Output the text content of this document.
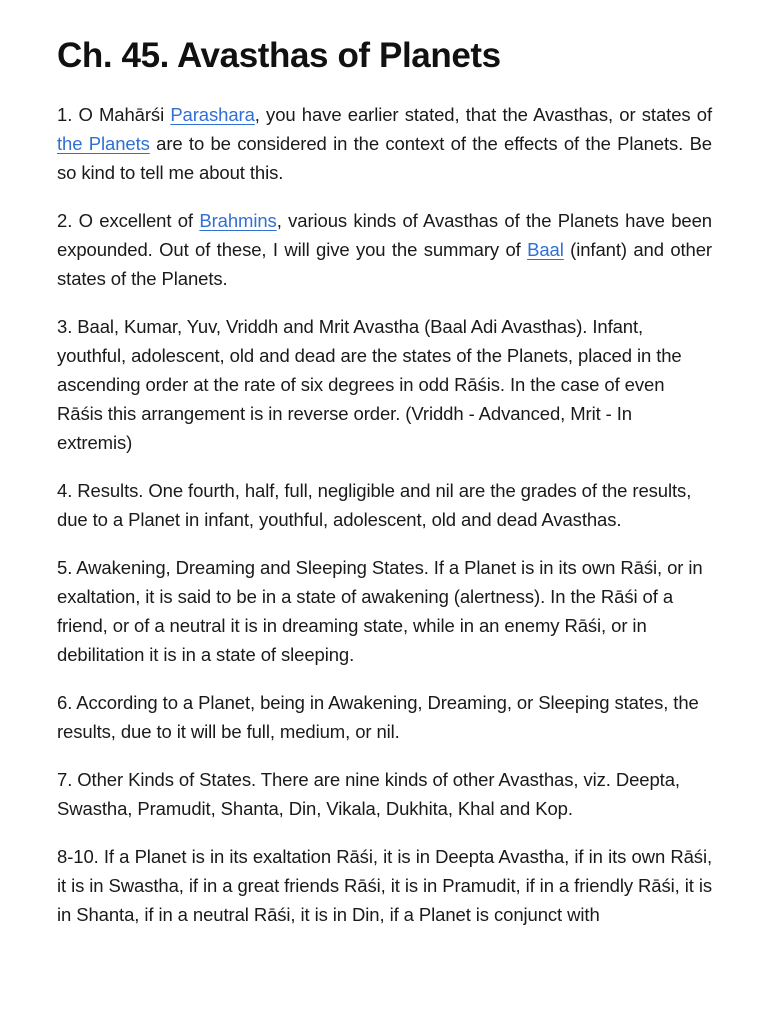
Ch. 45. Avasthas of Planets

1. O Mahārśi Parashara, you have earlier stated, that the Avasthas, or states of the Planets are to be considered in the context of the effects of the Planets. Be so kind to tell me about this.

2. O excellent of Brahmins, various kinds of Avasthas of the Planets have been expounded. Out of these, I will give you the summary of Baal (infant) and other states of the Planets.

3. Baal, Kumar, Yuv, Vriddh and Mrit Avastha (Baal Adi Avasthas). Infant, youthful, adolescent, old and dead are the states of the Planets, placed in the ascending order at the rate of six degrees in odd Rāśis. In the case of even Rāśis this arrangement is in reverse order. (Vriddh - Advanced, Mrit - In extremis)

4. Results. One fourth, half, full, negligible and nil are the grades of the results, due to a Planet in infant, youthful, adolescent, old and dead Avasthas.

5. Awakening, Dreaming and Sleeping States. If a Planet is in its own Rāśi, or in exaltation, it is said to be in a state of awakening (alertness). In the Rāśi of a friend, or of a neutral it is in dreaming state, while in an enemy Rāśi, or in debilitation it is in a state of sleeping.

6. According to a Planet, being in Awakening, Dreaming, or Sleeping states, the results, due to it will be full, medium, or nil.

7. Other Kinds of States. There are nine kinds of other Avasthas, viz. Deepta, Swastha, Pramudit, Shanta, Din, Vikala, Dukhita, Khal and Kop.

8-10. If a Planet is in its exaltation Rāśi, it is in Deepta Avastha, if in its own Rāśi, it is in Swastha, if in a great friends Rāśi, it is in Pramudit, if in a friendly Rāśi, it is in Shanta, if in a neutral Rāśi, it is in Din, if a Planet is conjunct with
